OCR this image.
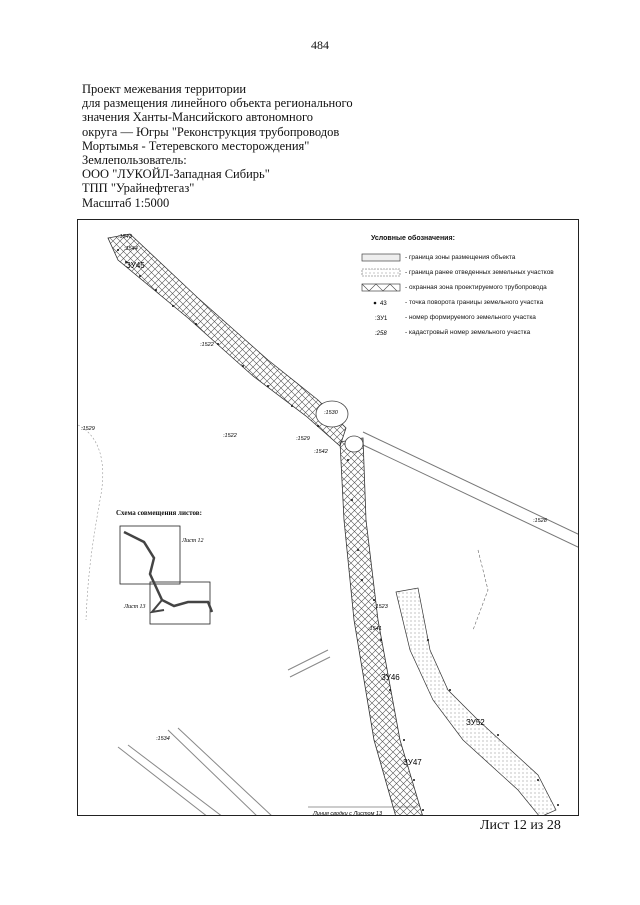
484
Проект межевания территории
для размещения линейного объекта регионального
значения Ханты-Мансийского автономного
округа — Югры "Реконструкция трубопроводов
Мортымья - Тетеревского месторождения"
Землепользователь:
ООО "ЛУКОЙЛ-Западная Сибирь"
ТПП "Урайнефтегаз"
Масштаб 1:5000
ЗУ45
ЗУ46
ЗУ47
ЗУ52
:1543
:1544
:1530
:1529
:1542
:1522
:1528
:1523
:1541
:1534
:1522
:1529
Линия сводки с Листом 13
Лист 12
Лист 13
Схема совмещения листов:
Условные обозначения:
- граница зоны размещения объекта
- граница ранее отведенных земельных участков
- охранная зона проектируемого трубопровода
43	- точка поворота границы земельного участка
:ЗУ1	- номер формируемого земельного участка
:258	- кадастровый номер земельного участка
Лист 12 из 28
